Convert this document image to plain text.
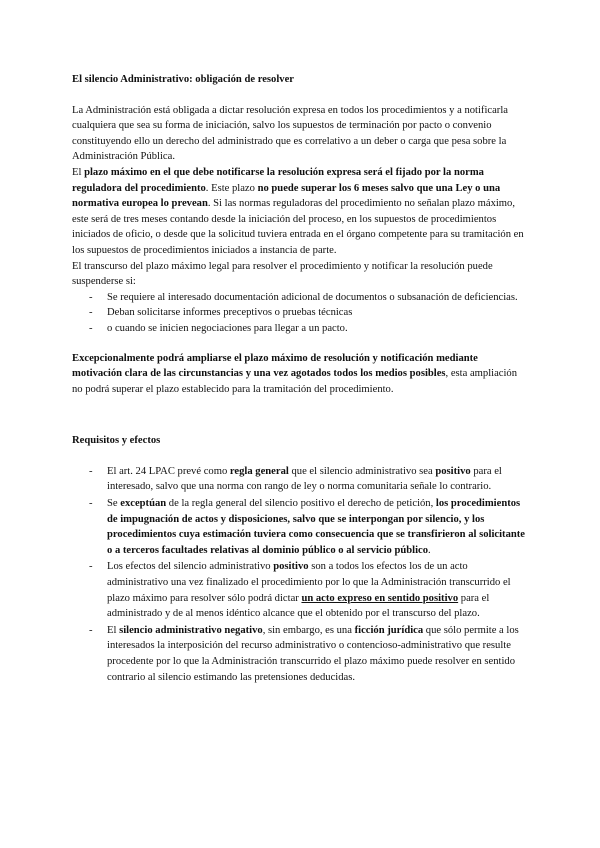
El silencio Administrativo: obligación de resolver

La Administración está obligada a dictar resolución expresa en todos los procedimientos y a notificarla cualquiera que sea su forma de iniciación, salvo los supuestos de terminación por pacto o convenio constituyendo ello un derecho del administrado que es correlativo a un deber o carga que pesa sobre la Administración Pública.

El plazo máximo en el que debe notificarse la resolución expresa será el fijado por la norma reguladora del procedimiento. Este plazo no puede superar los 6 meses salvo que una Ley o una normativa europea lo prevean. Si las normas reguladoras del procedimiento no señalan plazo máximo, este será de tres meses contando desde la iniciación del proceso, en los supuestos de procedimientos iniciados de oficio, o desde que la solicitud tuviera entrada en el órgano competente para su tramitación en los supuestos de procedimientos iniciados a instancia de parte.

El transcurso del plazo máximo legal para resolver el procedimiento y notificar la resolución puede suspenderse si:

- Se requiere al interesado documentación adicional de documentos o subsanación de deficiencias.
- Deban solicitarse informes preceptivos o pruebas técnicas
- o cuando se inicien negociaciones para llegar a un pacto.

Excepcionalmente podrá ampliarse el plazo máximo de resolución y notificación mediante motivación clara de las circunstancias y una vez agotados todos los medios posibles, esta ampliación no podrá superar el plazo establecido para la tramitación del procedimiento.

Requisitos y efectos

- El art. 24 LPAC prevé como regla general que el silencio administrativo sea positivo para el interesado, salvo que una norma con rango de ley o norma comunitaria señale lo contrario.
- Se exceptúan de la regla general del silencio positivo el derecho de petición, los procedimientos de impugnación de actos y disposiciones, salvo que se interpongan por silencio, y los procedimientos cuya estimación tuviera como consecuencia que se transfirieron al solicitante o a terceros facultades relativas al dominio público o al servicio público.
- Los efectos del silencio administrativo positivo son a todos los efectos los de un acto administrativo una vez finalizado el procedimiento por lo que la Administración transcurrido el plazo máximo para resolver sólo podrá dictar un acto expreso en sentido positivo para el administrado y de al menos idéntico alcance que el obtenido por el transcurso del plazo.
- El silencio administrativo negativo, sin embargo, es una ficción jurídica que sólo permite a los interesados la interposición del recurso administrativo o contencioso-administrativo que resulte procedente por lo que la Administración transcurrido el plazo máximo puede resolver en sentido contrario al silencio estimando las pretensiones deducidas.
